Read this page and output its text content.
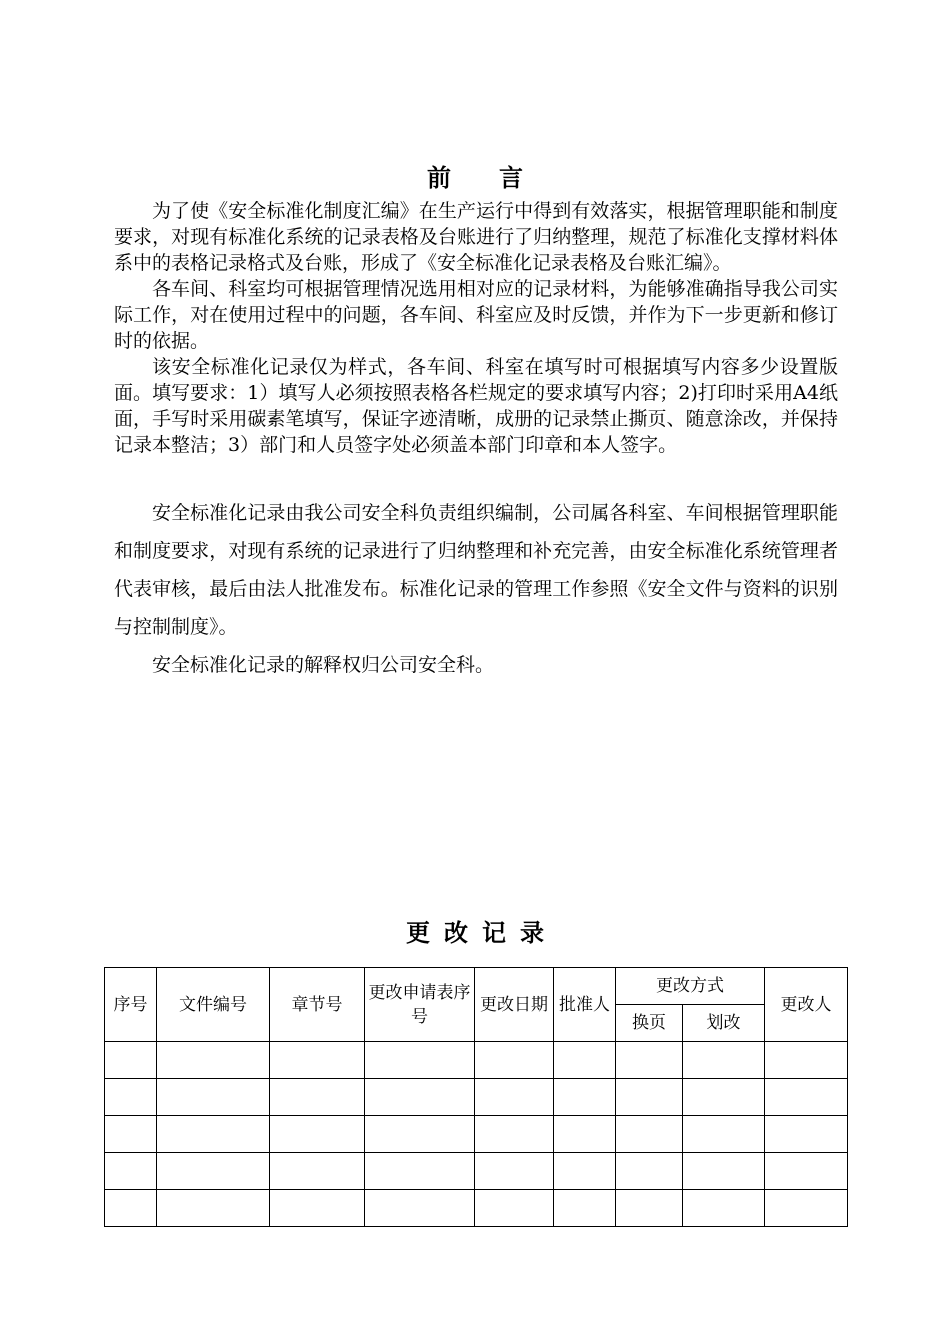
前言

为了使《安全标准化制度汇编》在生产运行中得到有效落实，根据管理职能和制度要求，对现有标准化系统的记录表格及台账进行了归纳整理，规范了标准化支撑材料体系中的表格记录格式及台账，形成了《安全标准化记录表格及台账汇编》。

各车间、科室均可根据管理情况选用相对应的记录材料，为能够准确指导我公司实际工作，对在使用过程中的问题，各车间、科室应及时反馈，并作为下一步更新和修订时的依据。

该安全标准化记录仅为样式，各车间、科室在填写时可根据填写内容多少设置版面。填写要求：1）填写人必须按照表格各栏规定的要求填写内容；2)打印时采用A4纸面，手写时采用碳素笔填写，保证字迹清晰，成册的记录禁止撕页、随意涂改，并保持记录本整洁；3）部门和人员签字处必须盖本部门印章和本人签字。

安全标准化记录由我公司安全科负责组织编制，公司属各科室、车间根据管理职能和制度要求，对现有系统的记录进行了归纳整理和补充完善，由安全标准化系统管理者代表审核，最后由法人批准发布。标准化记录的管理工作参照《安全文件与资料的识别与控制制度》。

安全标准化记录的解释权归公司安全科。

更改记录
序号	文件编号	章节号	更改申请表序号	更改日期	批准人	更改方式		更改人
						换页	划改	
